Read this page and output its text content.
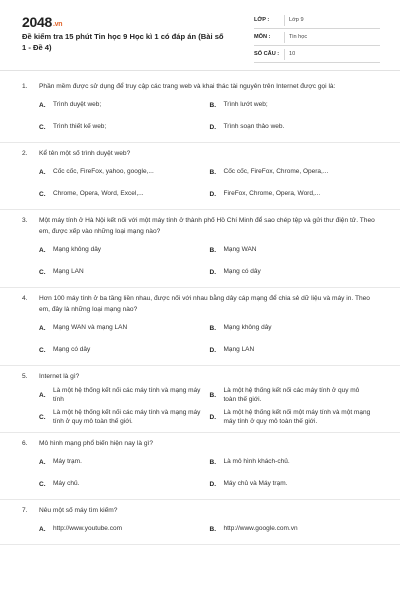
2048.vn
Đề kiểm tra 15 phút Tin học 9 Học kì 1 có đáp án (Bài số 1 - Đề 4)
LỚP :	Lớp 9
MÔN :	Tin học
SỐ CÂU :	10
1.	Phần mềm được sử dụng để truy cập các trang web và khai thác tài nguyên trên Internet được gọi là:
A.	Trình duyệt web;	B.	Trình lướt web;
C.	Trình thiết kế web;	D.	Trình soạn thảo web.
2.	Kể tên một số trình duyệt web?
A.	Cốc cốc, FireFox, yahoo, google,...	B.	Cốc cốc, FireFox, Chrome, Opera,...
C.	Chrome, Opera, Word, Excel,...	D.	FireFox, Chrome, Opera, Word,...
3.	Một máy tính ở Hà Nội kết nối với một máy tính ở thành phố Hồ Chí Minh để sao chép tệp và gửi thư điện tử. Theo em, được xếp vào những loại mạng nào?
A.	Mạng không dây	B.	Mạng WAN
C.	Mạng LAN	D.	Mạng có dây
4.	Hơn 100 máy tính ở ba tầng liền nhau, được nối với nhau bằng dây cáp mạng để chia sẻ dữ liệu và máy in. Theo em, đây là những loại mạng nào?
A.	Mạng WAN và mạng LAN	B.	Mạng không dây
C.	Mạng có dây	D.	Mạng LAN
5.	Internet là gì?
A.
Là một hệ thống kết nối các máy tính và mạng máy tính
B.
Là một hệ thống kết nối các máy tính ở quy mô toàn thế giới.
C.
Là một hệ thống kết nối các máy tính và mạng máy tính ở quy mô toàn thế giới.
D.
Là một hệ thống kết nối một máy tính và một mạng máy tính ở quy mô toàn thế giới.
6.	Mô hình mạng phổ biến hiện nay là gì?
A.	Máy trạm.	B.	Là mô hình khách-chủ.
C.	Máy chủ.	D.	Máy chủ và Máy trạm.
7.	Nêu một số máy tìm kiếm?
A.	http://www.youtube.com	B.	http://www.google.com.vn
